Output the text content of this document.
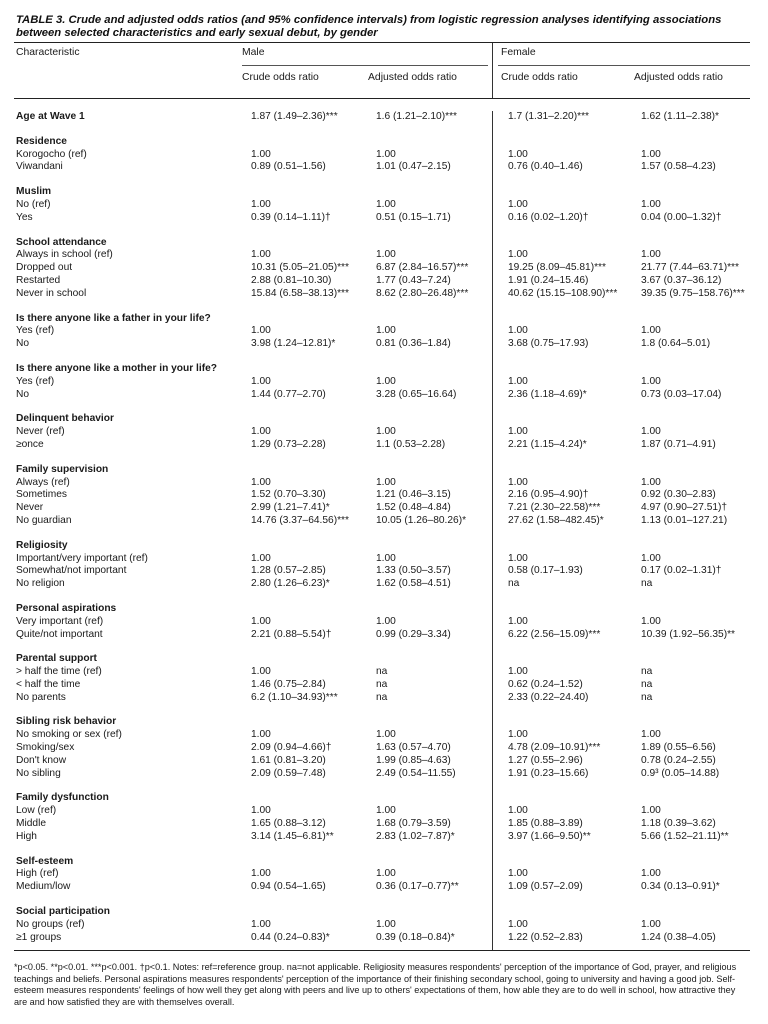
TABLE 3. Crude and adjusted odds ratios (and 95% confidence intervals) from logistic regression analyses identifying associations between selected characteristics and early sexual debut, by gender
Characteristic	Male	Female
Crude odds ratio	Adjusted odds ratio	Crude odds ratio	Adjusted odds ratio
Age at Wave 1	1.87 (1.49–2.36)***	1.6 (1.21–2.10)***	1.7 (1.31–2.20)***	1.62 (1.11–2.38)*
Residence
Korogocho (ref)	1.00	1.00	1.00	1.00
Viwandani	0.89 (0.51–1.56)	1.01 (0.47–2.15)	0.76 (0.40–1.46)	1.57 (0.58–4.23)
Muslim
No (ref)	1.00	1.00	1.00	1.00
Yes	0.39 (0.14–1.11)†	0.51 (0.15–1.71)	0.16 (0.02–1.20)†	0.04 (0.00–1.32)†
School attendance
Always in school (ref)	1.00	1.00	1.00	1.00
Dropped out	10.31 (5.05–21.05)***	6.87 (2.84–16.57)***	19.25 (8.09–45.81)***	21.77 (7.44–63.71)***
Restarted	2.88 (0.81–10.30)	1.77 (0.43–7.24)	1.91 (0.24–15.46)	3.67 (0.37–36.12)
Never in school	15.84 (6.58–38.13)***	8.62 (2.80–26.48)***	40.62 (15.15–108.90)*** 39.35 (9.75–158.76)***
Is there anyone like a father in your life?
Yes (ref)	1.00	1.00	1.00	1.00
No	3.98 (1.24–12.81)*	0.81 (0.36–1.84)	3.68 (0.75–17.93)	1.8 (0.64–5.01)
Is there anyone like a mother in your life?
Yes (ref)	1.00	1.00	1.00	1.00
No	1.44 (0.77–2.70)	3.28 (0.65–16.64)	2.36 (1.18–4.69)*	0.73 (0.03–17.04)
Delinquent behavior
Never (ref)	1.00	1.00	1.00	1.00
≥once	1.29 (0.73–2.28)	1.1 (0.53–2.28)	2.21 (1.15–4.24)*	1.87 (0.71–4.91)
Family supervision
Always (ref)	1.00	1.00	1.00	1.00
Sometimes	1.52 (0.70–3.30)	1.21 (0.46–3.15)	2.16 (0.95–4.90)†	0.92 (0.30–2.83)
Never	2.99 (1.21–7.41)*	1.52 (0.48–4.84)	7.21 (2.30–22.58)***	4.97 (0.90–27.51)†
No guardian	14.76 (3.37–64.56)***	10.05 (1.26–80.26)*	27.62 (1.58–482.45)*	1.13 (0.01–127.21)
Religiosity
Important/very important (ref)	1.00	1.00	1.00	1.00
Somewhat/not important	1.28 (0.57–2.85)	1.33 (0.50–3.57)	0.58 (0.17–1.93)	0.17 (0.02–1.31)†
No religion	2.80 (1.26–6.23)*	1.62 (0.58–4.51)	na	na
Personal aspirations
Very important (ref)	1.00	1.00	1.00	1.00
Quite/not important	2.21 (0.88–5.54)†	0.99 (0.29–3.34)	6.22 (2.56–15.09)***	10.39 (1.92–56.35)**
Parental support
> half the time (ref)	1.00	na	1.00	na
< half the time	1.46 (0.75–2.84)	na	0.62 (0.24–1.52)	na
No parents	6.2 (1.10–34.93)***	na	2.33 (0.22–24.40)	na
Sibling risk behavior
No smoking or sex (ref)	1.00	1.00	1.00	1.00
Smoking/sex	2.09 (0.94–4.66)†	1.63 (0.57–4.70)	4.78 (2.09–10.91)***	1.89 (0.55–6.56)
Don't know	1.61 (0.81–3.20)	1.99 (0.85–4.63)	1.27 (0.55–2.96)	0.78 (0.24–2.55)
No sibling	2.09 (0.59–7.48)	2.49 (0.54–11.55)	1.91 (0.23–15.66)	0.9³ (0.05–14.88)
Family dysfunction
Low (ref)	1.00	1.00	1.00	1.00
Middle	1.65 (0.88–3.12)	1.68 (0.79–3.59)	1.85 (0.88–3.89)	1.18 (0.39–3.62)
High	3.14 (1.45–6.81)**	2.83 (1.02–7.87)*	3.97 (1.66–9.50)**	5.66 (1.52–21.11)**
Self-esteem
High (ref)	1.00	1.00	1.00	1.00
Medium/low	0.94 (0.54–1.65)	0.36 (0.17–0.77)**	1.09 (0.57–2.09)	0.34 (0.13–0.91)*
Social participation
No groups (ref)	1.00	1.00	1.00	1.00
≥1 groups	0.44 (0.24–0.83)*	0.39 (0.18–0.84)*	1.22 (0.52–2.83)	1.24 (0.38–4.05)
*p<0.05. **p<0.01. ***p<0.001. †p<0.1. Notes: ref=reference group. na=not applicable. Religiosity measures respondents' perception of the importance of God, prayer, and religious teachings and beliefs. Personal aspirations measures respondents' perception of the importance of their finishing secondary school, going to university and having a good job. Self-esteem measures respondents' feelings of how well they get along with peers and live up to others' expectations of them, how able they are to do well in school, how attractive they are and how satisfied they are with themselves overall.
